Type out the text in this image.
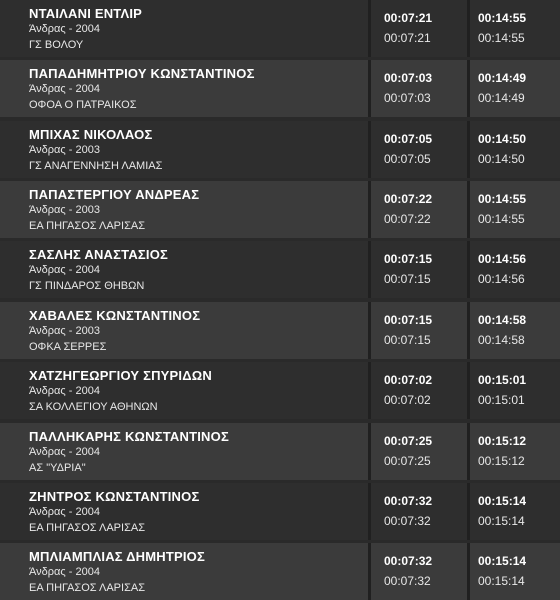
ΝΤΑΙΛΑΝΙ ΕΝΤΛΙΡ
Άνδρας - 2004
ΓΣ ΒΟΛΟΥ
00:07:21
00:07:21
00:14:55
00:14:55
ΠΑΠΑΔΗΜΗΤΡΙΟΥ ΚΩΝΣΤΑΝΤΙΝΟΣ
Άνδρας - 2004
ΟΦΟΑ Ο ΠΑΤΡΑΙΚΟΣ
00:07:03
00:07:03
00:14:49
00:14:49
ΜΠΙΧΑΣ ΝΙΚΟΛΑΟΣ
Άνδρας - 2003
ΓΣ ΑΝΑΓΕΝΝΗΣΗ ΛΑΜΙΑΣ
00:07:05
00:07:05
00:14:50
00:14:50
ΠΑΠΑΣΤΕΡΓΙΟΥ ΑΝΔΡΕΑΣ
Άνδρας - 2003
ΕΑ ΠΗΓΑΣΟΣ ΛΑΡΙΣΑΣ
00:07:22
00:07:22
00:14:55
00:14:55
ΣΑΣΛΗΣ ΑΝΑΣΤΑΣΙΟΣ
Άνδρας - 2004
ΓΣ ΠΙΝΔΑΡΟΣ ΘΗΒΩΝ
00:07:15
00:07:15
00:14:56
00:14:56
ΧΑΒΑΛΕΣ ΚΩΝΣΤΑΝΤΙΝΟΣ
Άνδρας - 2003
ΟΦΚΑ ΣΕΡΡΕΣ
00:07:15
00:07:15
00:14:58
00:14:58
ΧΑΤΖΗΓΕΩΡΓΙΟΥ ΣΠΥΡΙΔΩΝ
Άνδρας - 2004
ΣΑ ΚΟΛΛΕΓΙΟΥ ΑΘΗΝΩΝ
00:07:02
00:07:02
00:15:01
00:15:01
ΠΑΛΛΗΚΑΡΗΣ ΚΩΝΣΤΑΝΤΙΝΟΣ
Άνδρας - 2004
ΑΣ "ΥΔΡΙΑ"
00:07:25
00:07:25
00:15:12
00:15:12
ΖΗΝΤΡΟΣ ΚΩΝΣΤΑΝΤΙΝΟΣ
Άνδρας - 2004
ΕΑ ΠΗΓΑΣΟΣ ΛΑΡΙΣΑΣ
00:07:32
00:07:32
00:15:14
00:15:14
ΜΠΛΙΑΜΠΛΙΑΣ ΔΗΜΗΤΡΙΟΣ
Άνδρας - 2004
ΕΑ ΠΗΓΑΣΟΣ ΛΑΡΙΣΑΣ
00:07:32
00:07:32
00:15:14
00:15:14
